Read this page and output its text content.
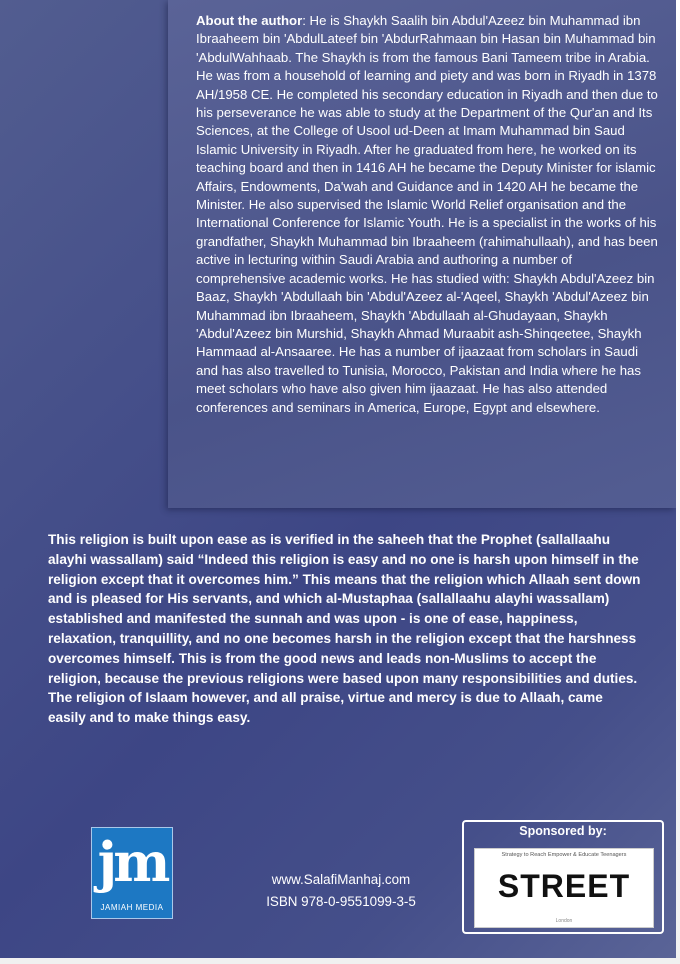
About the author: He is Shaykh Saalih bin Abdul'Azeez bin Muhammad ibn Ibraaheem bin 'AbdulLateef bin 'AbdurRahmaan bin Hasan bin Muhammad bin 'AbdulWahhaab. The Shaykh is from the famous Bani Tameem tribe in Arabia. He was from a household of learning and piety and was born in Riyadh in 1378 AH/1958 CE. He completed his secondary education in Riyadh and then due to his perseverance he was able to study at the Department of the Qur'an and Its Sciences, at the College of Usool ud-Deen at Imam Muhammad bin Saud Islamic University in Riyadh. After he graduated from here, he worked on its teaching board and then in 1416 AH he became the Deputy Minister for islamic Affairs, Endowments, Da'wah and Guidance and in 1420 AH he became the Minister. He also supervised the Islamic World Relief organisation and the International Conference for Islamic Youth. He is a specialist in the works of his grandfather, Shaykh Muhammad bin Ibraaheem (rahimahullaah), and has been active in lecturing within Saudi Arabia and authoring a number of comprehensive academic works. He has studied with: Shaykh Abdul'Azeez bin Baaz, Shaykh 'Abdullaah bin 'Abdul'Azeez al-'Aqeel, Shaykh 'Abdul'Azeez bin Muhammad ibn Ibraaheem, Shaykh 'Abdullaah al-Ghudayaan, Shaykh 'Abdul'Azeez bin Murshid, Shaykh Ahmad Muraabit ash-Shinqeetee, Shaykh Hammaad al-Ansaaree. He has a number of ijaazaat from scholars in Saudi and has also travelled to Tunisia, Morocco, Pakistan and India where he has meet scholars who have also given him ijaazaat. He has also attended conferences and seminars in America, Europe, Egypt and elsewhere.

This religion is built upon ease as is verified in the saheeh that the Prophet (sallallaahu alayhi wassallam) said “Indeed this religion is easy and no one is harsh upon himself in the religion except that it overcomes him.” This means that the religion which Allaah sent down and is pleased for His servants, and which al-Mustaphaa (sallallaahu alayhi wassallam) established and manifested the sunnah and was upon - is one of ease, happiness, relaxation, tranquillity, and no one becomes harsh in the religion except that the harshness overcomes himself. This is from the good news and leads non-Muslims to accept the religion, because the previous religions were based upon many responsibilities and duties. The religion of Islaam however, and all praise, virtue and mercy is due to Allaah, came easily and to make things easy.

jm
JAMIAH MEDIA
www.SalafiManhaj.com
ISBN 978-0-9551099-3-5
Sponsored by:
Strategy to Reach Empower & Educate Teenagers
STREET
London
